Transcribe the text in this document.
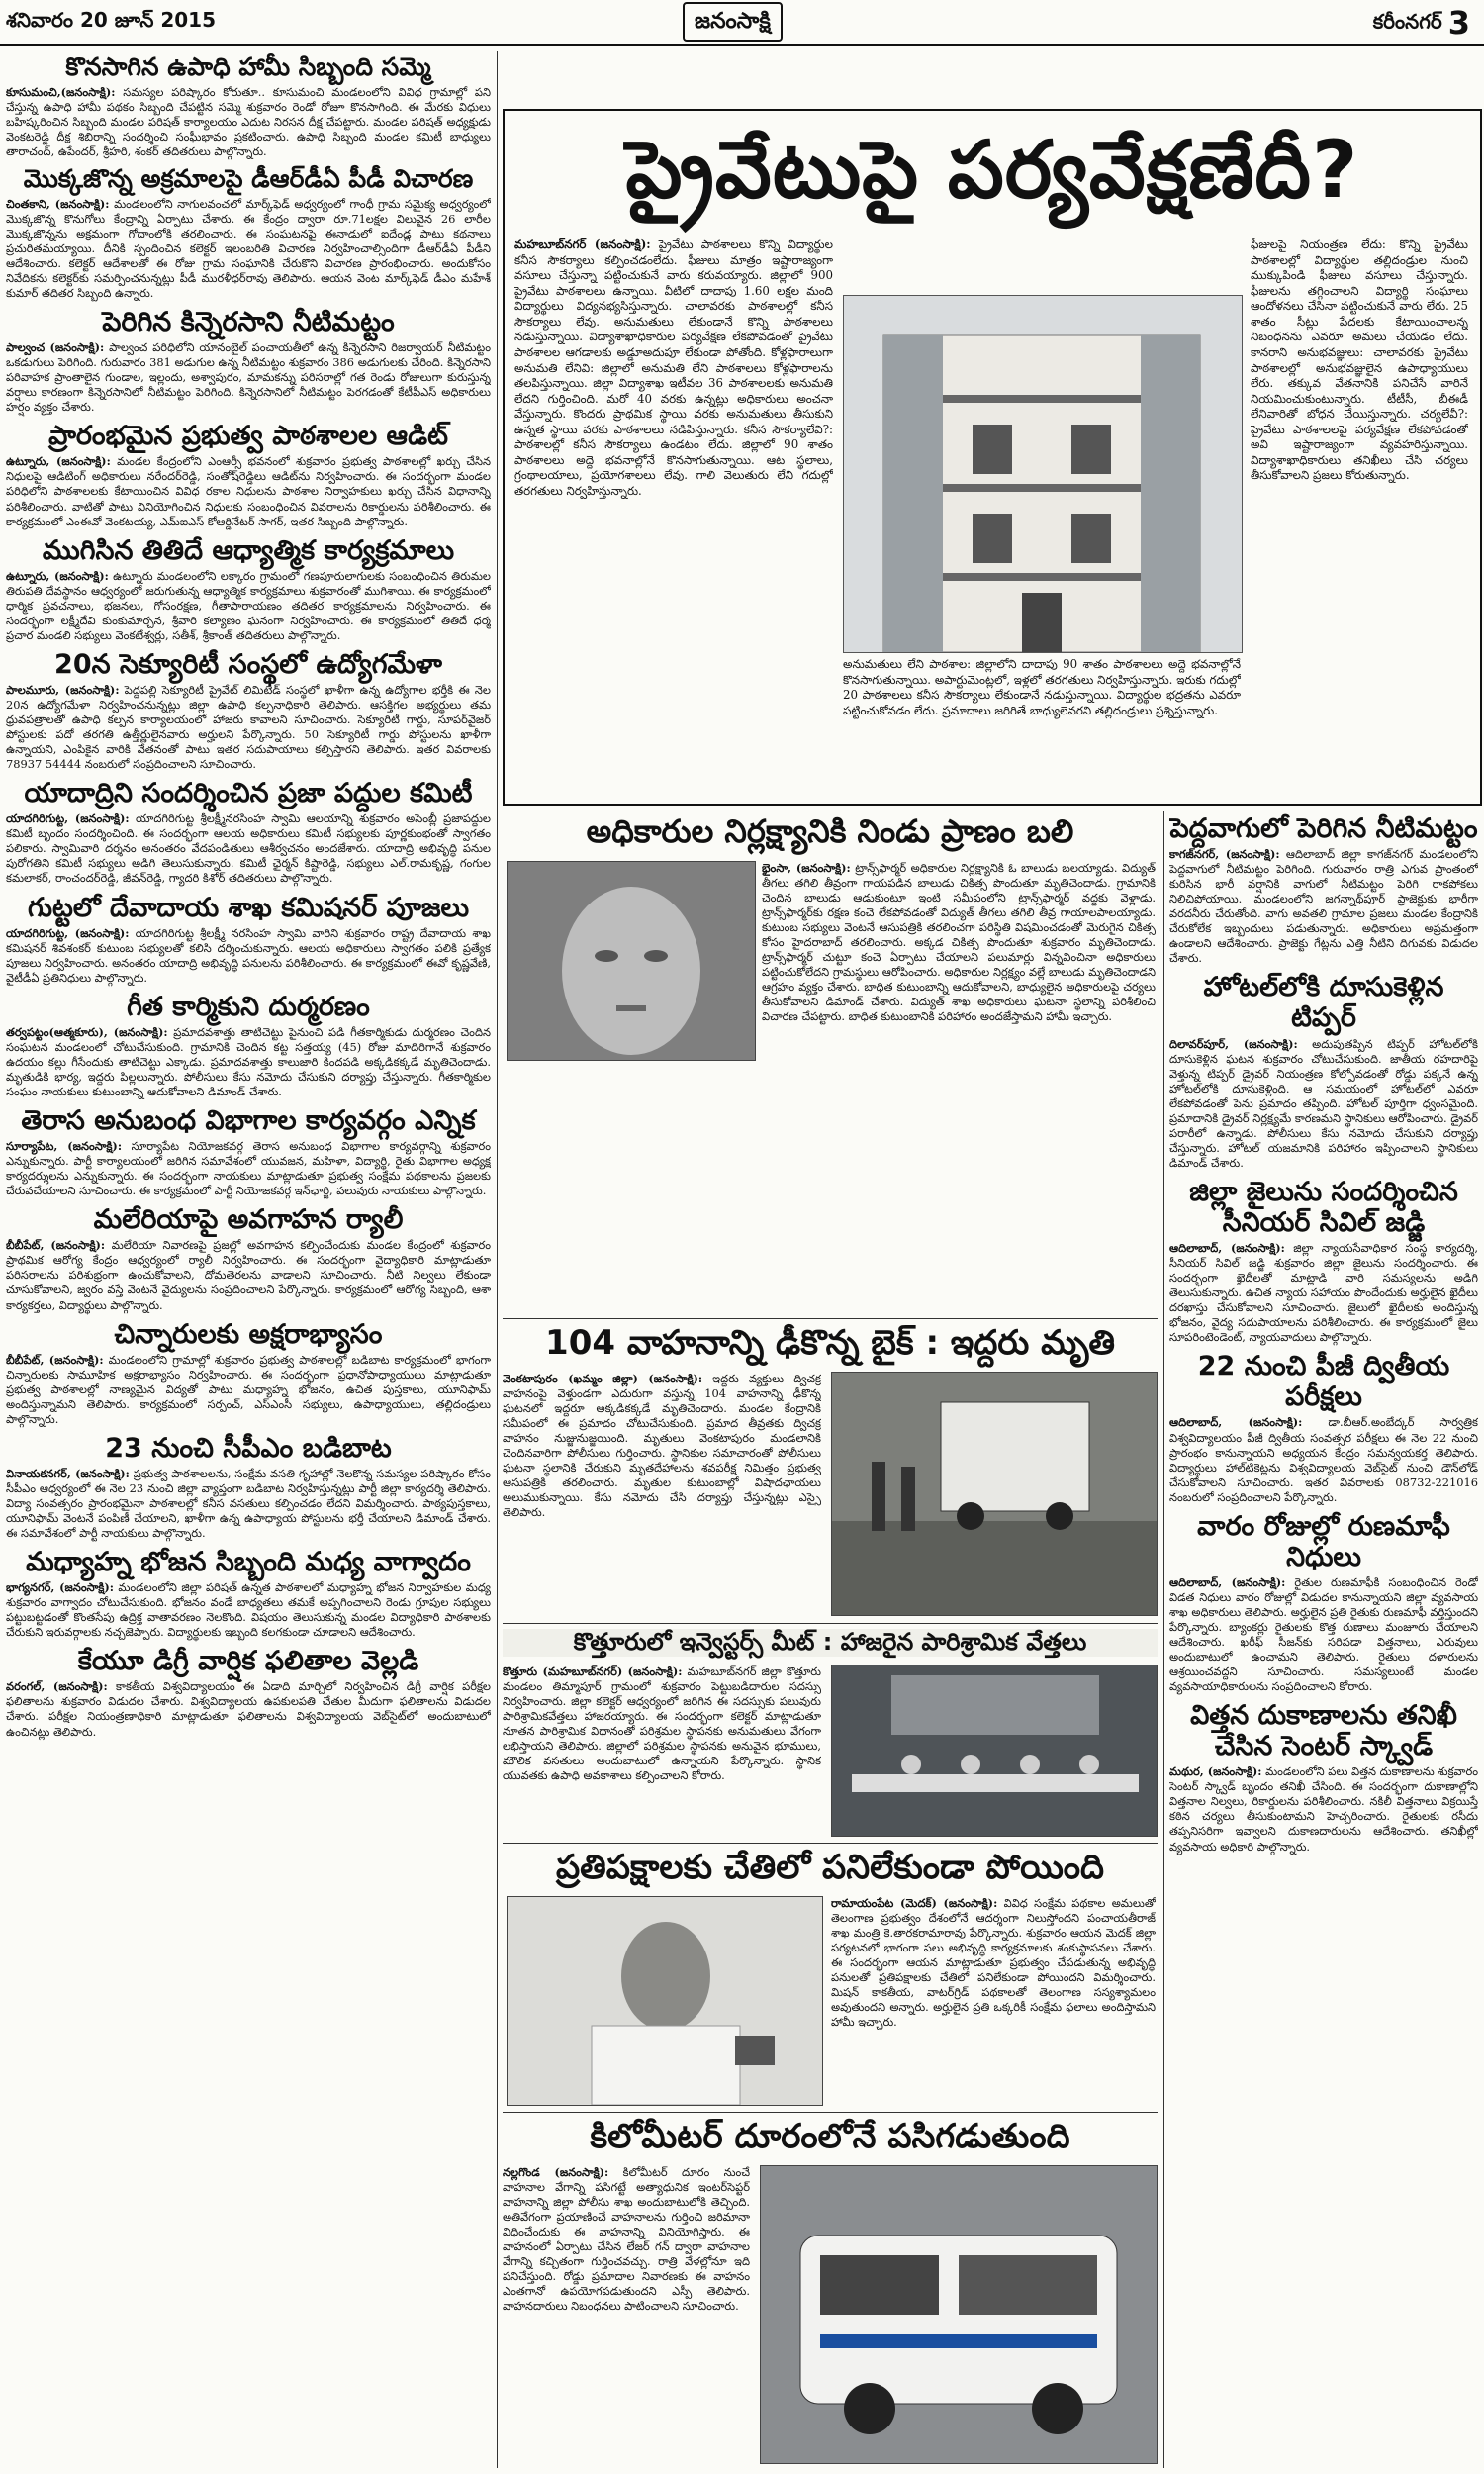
శనివారం 20 జూన్ 2015	జనంసాక్షి	కరీంనగర్ 3
కొనసాగిన ఉపాధి హామీ సిబ్బంది సమ్మె

కూసుమంచి,(జనంసాక్షి): సమస్యల పరిష్కారం కోరుతూ.. కూసుమంచి మండలంలోని వివిధ గ్రామాల్లో పని చేస్తున్న ఉపాధి హామీ పథకం సిబ్బంది చేపట్టిన సమ్మె శుక్రవారం రెండో రోజూ కొనసాగింది. ఈ మేరకు విధులు బహిష్కరించిన సిబ్బంది మండల పరిషత్ కార్యాలయం ఎదుట నిరసన దీక్ష చేపట్టారు. మండల పరిషత్ అధ్యక్షుడు వెంకటరెడ్డి దీక్ష శిబిరాన్ని సందర్శించి సంఘీభావం ప్రకటించారు. ఉపాధి సిబ్బంది మండల కమిటీ బాధ్యులు తారాచంద్, ఉపేందర్, శ్రీహరి, శంకర్ తదితరులు పాల్గొన్నారు.

మొక్కజొన్న అక్రమాలపై డీఆర్‌డీఏ పీడీ విచారణ

చింతకాని, (జనంసాక్షి): మండలంలోని నాగులవంచలో మార్క్‌ఫెడ్ అధ్వర్యంలో గాంధీ గ్రామ సమైక్య అధ్వర్యంలో మొక్కజొన్న కొనుగోలు కేంద్రాన్ని ఏర్పాటు చేశారు. ఈ కేంద్రం ద్వారా రూ.71లక్షల విలువైన 26 లారీల మొక్కజొన్నను అక్రమంగా గోదాంలోకి తరలించారు. ఈ సంఘటనపై ఈనాడులో ఐదేండ్ల పాటు కథనాలు ప్రచురితమయ్యాయి. దీనికి స్పందించిన కలెక్టర్ ఇలంబరితి విచారణ నిర్వహించాల్సిందిగా డీఆర్‌డీఏ పీడీని ఆదేశించారు. కలెక్టర్ ఆదేశాలతో ఈ రోజు గ్రామ సంఘానికి చేరుకొని విచారణ ప్రారంభించారు. అందుకోసం నివేదికను కలెక్టర్‌కు సమర్పించనున్నట్లు పీడీ మురళీధర్‌రావు తెలిపారు. ఆయన వెంట మార్క్‌ఫెడ్ డీఎం మహేశ్ కుమార్ తదితర సిబ్బంది ఉన్నారు.

పెరిగిన కిన్నెరసాని నీటిమట్టం

పాల్వంచ (జనంసాక్షి): పాల్వంచ పరిధిలోని యానంబైల్ పంచాయతీలో ఉన్న కిన్నెరసాని రిజర్వాయర్ నీటిమట్టం ఒకడుగులు పెరిగింది. గురువారం 381 అడుగుల ఉన్న నీటిమట్టం శుక్రవారం 386 అడుగులకు చేరింది. కిన్నెరసాని పరివాహక ప్రాంతాలైన గుండాల, ఇల్లందు, అశ్వాపురం, మామకన్ను పరిసరాల్లో గత రెండు రోజులుగా కురుస్తున్న వర్షాలు కారణంగా కిన్నెరసానిలో నీటిమట్టం పెరిగింది. కిన్నెరసానిలో నీటిమట్టం పెరగడంతో కేటీపీఎస్ అధికారులు హర్షం వ్యక్తం చేశారు.

ప్రారంభమైన ప్రభుత్వ పాఠశాలల ఆడిట్

ఉట్నూరు, (జనంసాక్షి): మండల కేంద్రంలోని ఎంఆర్సీ భవనంలో శుక్రవారం ప్రభుత్వ పాఠశాలల్లో ఖర్చు చేసిన నిధులపై ఆడిటింగ్ అధికారులు నరేందర్‌రెడ్డి, సంతోష్‌రెడ్డిలు ఆడిట్‌ను నిర్వహించారు. ఈ సందర్భంగా మండల పరిధిలోని పాఠశాలలకు కేటాయించిన వివిధ రకాల నిధులను పాఠశాల నిర్వాహకులు ఖర్చు చేసిన విధానాన్ని పరిశీలించారు. వాటితో పాటు వినియోగించిన నిధులకు సంబంధించిన వివరాలను రికార్డులను పరిశీలించారు. ఈ కార్యక్రమంలో ఎంఈవో వెంకటయ్య, ఎమ్‌ఐఎస్ కోఆర్డినేటర్ సాగర్, ఇతర సిబ్బంది పాల్గొన్నారు.

ముగిసిన తితిదే ఆధ్యాత్మిక కార్యక్రమాలు

ఉట్నూరు, (జనంసాక్షి): ఉట్నూరు మండలంలోని లక్కారం గ్రామంలో గణపూరులాగులకు సంబంధించిన తిరుమల తిరుపతి దేవస్థానం ఆధ్వర్యంలో జరుగుతున్న ఆధ్యాత్మిక కార్యక్రమాలు శుక్రవారంతో ముగిశాయి. ఈ కార్యక్రమంలో ధార్మిక ప్రవచనాలు, భజనలు, గోసంరక్షణ, గీతాపారాయణం తదితర కార్యక్రమాలను నిర్వహించారు. ఈ సందర్భంగా లక్ష్మీదేవి కుంకుమార్చన, శ్రీవారి కల్యాణం ఘనంగా నిర్వహించారు. ఈ కార్యక్రమంలో తితిదే ధర్మ ప్రచార మండలి సభ్యులు వెంకటేశ్వర్లు, సతీశ్, శ్రీకాంత్ తదితరులు పాల్గొన్నారు.

20న సెక్యూరిటీ సంస్థలో ఉద్యోగమేళా

పాలమూరు, (జనంసాక్షి): పెద్దపల్లి సెక్యూరిటీ ప్రైవేట్ లిమిటెడ్ సంస్థలో ఖాళీగా ఉన్న ఉద్యోగాల భర్తీకి ఈ నెల 20న ఉద్యోగమేళా నిర్వహించనున్నట్లు జిల్లా ఉపాధి కల్పనాధికారి తెలిపారు. ఆసక్తిగల అభ్యర్థులు తమ ధ్రువపత్రాలతో ఉపాధి కల్పన కార్యాలయంలో హాజరు కావాలని సూచించారు. సెక్యూరిటీ గార్డు, సూపర్‌వైజర్ పోస్టులకు పదో తరగతి ఉత్తీర్ణులైనవారు అర్హులని పేర్కొన్నారు. 50 సెక్యూరిటీ గార్డు పోస్టులను ఖాళీగా ఉన్నాయని, ఎంపికైన వారికి వేతనంతో పాటు ఇతర సదుపాయాలు కల్పిస్తారని తెలిపారు. ఇతర వివరాలకు 78937 54444 నంబరులో సంప్రదించాలని సూచించారు.

యాదాద్రిని సందర్శించిన ప్రజా పద్దుల కమిటీ

యాదగిరిగుట్ట, (జనంసాక్షి): యాదగిరిగుట్ట శ్రీలక్ష్మీనరసింహ స్వామి ఆలయాన్ని శుక్రవారం అసెంబ్లీ ప్రజాపద్దుల కమిటీ బృందం సందర్శించింది. ఈ సందర్భంగా ఆలయ అధికారులు కమిటీ సభ్యులకు పూర్ణకుంభంతో స్వాగతం పలికారు. స్వామివారి దర్శనం అనంతరం వేదపండితులు ఆశీర్వచనం అందజేశారు. యాదాద్రి అభివృద్ధి పనుల పురోగతిని కమిటీ సభ్యులు అడిగి తెలుసుకున్నారు. కమిటీ ఛైర్మన్ కిష్టారెడ్డి, సభ్యులు ఎల్.రామకృష్ణ, గంగుల కమలాకర్, రాంచందర్‌రెడ్డి, జీవన్‌రెడ్డి, గ్యాదరి కిశోర్ తదితరులు పాల్గొన్నారు.

గుట్టలో దేవాదాయ శాఖ కమిషనర్ పూజలు

యాదగిరిగుట్ట, (జనంసాక్షి): యాదగిరిగుట్ట శ్రీలక్ష్మీ నరసింహ స్వామి వారిని శుక్రవారం రాష్ట్ర దేవాదాయ శాఖ కమిషనర్ శివశంకర్ కుటుంబ సభ్యులతో కలిసి దర్శించుకున్నారు. ఆలయ అధికారులు స్వాగతం పలికి ప్రత్యేక పూజలు నిర్వహించారు. అనంతరం యాదాద్రి అభివృద్ధి పనులను పరిశీలించారు. ఈ కార్యక్రమంలో ఈవో కృష్ణవేణి, వైటీడీఏ ప్రతినిధులు పాల్గొన్నారు.

గీత కార్మికుని దుర్మరణం

తర్వపట్టం(ఆత్మకూరు), (జనంసాక్షి): ప్రమాదవశాత్తు తాటిచెట్టు పైనుంచి పడి గీతకార్మికుడు దుర్మరణం చెందిన సంఘటన మండలంలో చోటుచేసుకుంది. గ్రామానికి చెందిన కట్ట సత్తయ్య (45) రోజు మాదిరిగానే శుక్రవారం ఉదయం కల్లు గీసేందుకు తాటిచెట్టు ఎక్కాడు. ప్రమాదవశాత్తు కాలుజారి కిందపడి అక్కడికక్కడే మృతిచెందాడు. మృతుడికి భార్య, ఇద్దరు పిల్లలున్నారు. పోలీసులు కేసు నమోదు చేసుకుని దర్యాప్తు చేస్తున్నారు. గీతకార్మికుల సంఘం నాయకులు కుటుంబాన్ని ఆదుకోవాలని డిమాండ్ చేశారు.

తెరాస అనుబంధ విభాగాల కార్యవర్గం ఎన్నిక

సూర్యాపేట, (జనంసాక్షి): సూర్యాపేట నియోజకవర్గ తెరాస అనుబంధ విభాగాల కార్యవర్గాన్ని శుక్రవారం ఎన్నుకున్నారు. పార్టీ కార్యాలయంలో జరిగిన సమావేశంలో యువజన, మహిళా, విద్యార్థి, రైతు విభాగాల అధ్యక్ష కార్యదర్శులను ఎన్నుకున్నారు. ఈ సందర్భంగా నాయకులు మాట్లాడుతూ ప్రభుత్వ సంక్షేమ పథకాలను ప్రజలకు చేరువచేయాలని సూచించారు. ఈ కార్యక్రమంలో పార్టీ నియోజకవర్గ ఇన్‌ఛార్జి, పలువురు నాయకులు పాల్గొన్నారు.

మలేరియాపై అవగాహన ర్యాలీ

బీబీపేట్, (జనంసాక్షి): మలేరియా నివారణపై ప్రజల్లో అవగాహన కల్పించేందుకు మండల కేంద్రంలో శుక్రవారం ప్రాథమిక ఆరోగ్య కేంద్రం ఆధ్వర్యంలో ర్యాలీ నిర్వహించారు. ఈ సందర్భంగా వైద్యాధికారి మాట్లాడుతూ పరిసరాలను పరిశుభ్రంగా ఉంచుకోవాలని, దోమతెరలను వాడాలని సూచించారు. నీటి నిల్వలు లేకుండా చూసుకోవాలని, జ్వరం వస్తే వెంటనే వైద్యులను సంప్రదించాలని పేర్కొన్నారు. కార్యక్రమంలో ఆరోగ్య సిబ్బంది, ఆశా కార్యకర్తలు, విద్యార్థులు పాల్గొన్నారు.

చిన్నారులకు అక్షరాభ్యాసం

బీబీపేట్, (జనంసాక్షి): మండలంలోని గ్రామాల్లో శుక్రవారం ప్రభుత్వ పాఠశాలల్లో బడిబాట కార్యక్రమంలో భాగంగా చిన్నారులకు సామూహిక అక్షరాభ్యాసం నిర్వహించారు. ఈ సందర్భంగా ప్రధానోపాధ్యాయులు మాట్లాడుతూ ప్రభుత్వ పాఠశాలల్లో నాణ్యమైన విద్యతో పాటు మధ్యాహ్న భోజనం, ఉచిత పుస్తకాలు, యూనిఫామ్ అందిస్తున్నామని తెలిపారు. కార్యక్రమంలో సర్పంచ్, ఎస్ఎంసీ సభ్యులు, ఉపాధ్యాయులు, తల్లిదండ్రులు పాల్గొన్నారు.

23 నుంచి సీపీఎం బడిబాట

వినాయకనగర్, (జనంసాక్షి): ప్రభుత్వ పాఠశాలలను, సంక్షేమ వసతి గృహాల్లో నెలకొన్న సమస్యల పరిష్కారం కోసం సీపీఎం ఆధ్వర్యంలో ఈ నెల 23 నుంచి జిల్లా వ్యాప్తంగా బడిబాట నిర్వహిస్తున్నట్లు పార్టీ జిల్లా కార్యదర్శి తెలిపారు. విద్యా సంవత్సరం ప్రారంభమైనా పాఠశాలల్లో కనీస వసతులు కల్పించడం లేదని విమర్శించారు. పాఠ్యపుస్తకాలు, యూనిఫామ్ వెంటనే పంపిణీ చేయాలని, ఖాళీగా ఉన్న ఉపాధ్యాయ పోస్టులను భర్తీ చేయాలని డిమాండ్ చేశారు. ఈ సమావేశంలో పార్టీ నాయకులు పాల్గొన్నారు.

మధ్యాహ్న భోజన సిబ్బంది మధ్య వాగ్వాదం

భాగ్యనగర్, (జనంసాక్షి): మండలంలోని జిల్లా పరిషత్ ఉన్నత పాఠశాలలో మధ్యాహ్న భోజన నిర్వాహకుల మధ్య శుక్రవారం వాగ్వాదం చోటుచేసుకుంది. భోజనం వండే బాధ్యతలు తమకే అప్పగించాలని రెండు గ్రూపుల సభ్యులు పట్టుబట్టడంతో కొంతసేపు ఉద్రిక్త వాతావరణం నెలకొంది. విషయం తెలుసుకున్న మండల విద్యాధికారి పాఠశాలకు చేరుకుని ఇరువర్గాలకు నచ్చజెప్పారు. విద్యార్థులకు ఇబ్బంది కలగకుండా చూడాలని ఆదేశించారు.

కేయూ డిగ్రీ వార్షిక ఫలితాల వెల్లడి

వరంగల్, (జనంసాక్షి): కాకతీయ విశ్వవిద్యాలయం ఈ ఏడాది మార్చిలో నిర్వహించిన డిగ్రీ వార్షిక పరీక్షల ఫలితాలను శుక్రవారం విడుదల చేశారు. విశ్వవిద్యాలయ ఉపకులపతి చేతుల మీదుగా ఫలితాలను విడుదల చేశారు. పరీక్షల నియంత్రణాధికారి మాట్లాడుతూ ఫలితాలను విశ్వవిద్యాలయ వెబ్‌సైట్‌లో అందుబాటులో ఉంచినట్లు తెలిపారు.

ప్రైవేటుపై పర్యవేక్షణేదీ?

మహబూబ్‌నగర్ (జనంసాక్షి): ప్రైవేటు పాఠశాలలు కొన్ని విద్యార్థుల కనీస సౌకర్యాలు కల్పించడంలేదు. ఫీజులు మాత్రం ఇష్టారాజ్యంగా వసూలు చేస్తున్నా పట్టించుకునే వారు కరువయ్యారు. జిల్లాలో 900 ప్రైవేటు పాఠశాలలు ఉన్నాయి. వీటిలో దాదాపు 1.60 లక్షల మంది విద్యార్థులు విద్యనభ్యసిస్తున్నారు. చాలావరకు పాఠశాలల్లో కనీస సౌకర్యాలు లేవు. అనుమతులు లేకుండానే కొన్ని పాఠశాలలు నడుస్తున్నాయి. విద్యాశాఖాధికారుల పర్యవేక్షణ లేకపోవడంతో ప్రైవేటు పాఠశాలల ఆగడాలకు అడ్డూఅదుపూ లేకుండా పోతోంది. కోళ్లఫారాలుగా అనుమతి లేనివి: జిల్లాలో అనుమతి లేని పాఠశాలలు కోళ్లఫారాలను తలపిస్తున్నాయి. జిల్లా విద్యాశాఖ ఇటీవల 36 పాఠశాలలకు అనుమతి లేదని గుర్తించింది. మరో 40 వరకు ఉన్నట్లు అధికారులు అంచనా వేస్తున్నారు. కొందరు ప్రాథమిక స్థాయి వరకు అనుమతులు తీసుకుని ఉన్నత స్థాయి వరకు పాఠశాలలు నడిపిస్తున్నారు. కనీస సౌకర్యాలేవి?: పాఠశాలల్లో కనీస సౌకర్యాలు ఉండటం లేదు. జిల్లాలో 90 శాతం పాఠశాలలు అద్దె భవనాల్లోనే కొనసాగుతున్నాయి. ఆట స్థలాలు, గ్రంథాలయాలు, ప్రయోగశాలలు లేవు. గాలి వెలుతురు లేని గదుల్లో తరగతులు నిర్వహిస్తున్నారు.

అనుమతులు లేని పాఠశాల: జిల్లాలోని దాదాపు 90 శాతం పాఠశాలలు అద్దె భవనాల్లోనే కొనసాగుతున్నాయి. అపార్టుమెంట్లలో, ఇళ్లలో తరగతులు నిర్వహిస్తున్నారు. ఇరుకు గదుల్లో 20 పాఠశాలలు కనీస సౌకర్యాలు లేకుండానే నడుస్తున్నాయి. విద్యార్థుల భద్రతను ఎవరూ పట్టించుకోవడం లేదు. ప్రమాదాలు జరిగితే బాధ్యులెవరని తల్లిదండ్రులు ప్రశ్నిస్తున్నారు.

ఫీజులపై నియంత్రణ లేదు: కొన్ని ప్రైవేటు పాఠశాలల్లో విద్యార్థుల తల్లిదండ్రుల నుంచి ముక్కుపిండి ఫీజులు వసూలు చేస్తున్నారు. ఫీజులను తగ్గించాలని విద్యార్థి సంఘాలు ఆందోళనలు చేసినా పట్టించుకునే వారు లేరు. 25 శాతం సీట్లు పేదలకు కేటాయించాలన్న నిబంధనను ఎవరూ అమలు చేయడం లేదు. కానరాని అనుభవజ్ఞులు: చాలావరకు ప్రైవేటు పాఠశాలల్లో అనుభవజ్ఞులైన ఉపాధ్యాయులు లేరు. తక్కువ వేతనానికి పనిచేసే వారినే నియమించుకుంటున్నారు. టీటీసీ, బీఈడీ లేనివారితో బోధన చేయిస్తున్నారు. చర్యలేవీ?: ప్రైవేటు పాఠశాలలపై పర్యవేక్షణ లేకపోవడంతో అవి ఇష్టారాజ్యంగా వ్యవహరిస్తున్నాయి. విద్యాశాఖాధికారులు తనిఖీలు చేసి చర్యలు తీసుకోవాలని ప్రజలు కోరుతున్నారు.

అధికారుల నిర్లక్ష్యానికి నిండు ప్రాణం బలి

భైంసా, (జనంసాక్షి): ట్రాన్స్‌ఫార్మర్ అధికారుల నిర్లక్ష్యానికి ఓ బాలుడు బలయ్యాడు. విద్యుత్ తీగలు తగిలి తీవ్రంగా గాయపడిన బాలుడు చికిత్స పొందుతూ మృతిచెందాడు. గ్రామానికి చెందిన బాలుడు ఆడుకుంటూ ఇంటి సమీపంలోని ట్రాన్స్‌ఫార్మర్ వద్దకు వెళ్లాడు. ట్రాన్స్‌ఫార్మర్‌కు రక్షణ కంచె లేకపోవడంతో విద్యుత్ తీగలు తగిలి తీవ్ర గాయాలపాలయ్యాడు. కుటుంబ సభ్యులు వెంటనే ఆసుపత్రికి తరలించగా పరిస్థితి విషమించడంతో మెరుగైన చికిత్స కోసం హైదరాబాద్ తరలించారు. అక్కడ చికిత్స పొందుతూ శుక్రవారం మృతిచెందాడు. ట్రాన్స్‌ఫార్మర్ చుట్టూ కంచె ఏర్పాటు చేయాలని పలుమార్లు విన్నవించినా అధికారులు పట్టించుకోలేదని గ్రామస్థులు ఆరోపించారు. అధికారుల నిర్లక్ష్యం వల్లే బాలుడు మృతిచెందాడని ఆగ్రహం వ్యక్తం చేశారు. బాధిత కుటుంబాన్ని ఆదుకోవాలని, బాధ్యులైన అధికారులపై చర్యలు తీసుకోవాలని డిమాండ్ చేశారు. విద్యుత్ శాఖ అధికారులు ఘటనా స్థలాన్ని పరిశీలించి విచారణ చేపట్టారు. బాధిత కుటుంబానికి పరిహారం అందజేస్తామని హామీ ఇచ్చారు.

104 వాహనాన్ని ఢీకొన్న బైక్ : ఇద్దరు మృతి

వెంకటాపురం (ఖమ్మం జిల్లా) (జనంసాక్షి): ఇద్దరు వ్యక్తులు ద్విచక్ర వాహనంపై వెళ్తుండగా ఎదురుగా వస్తున్న 104 వాహనాన్ని ఢీకొన్న ఘటనలో ఇద్దరూ అక్కడికక్కడే మృతిచెందారు. మండల కేంద్రానికి సమీపంలో ఈ ప్రమాదం చోటుచేసుకుంది. ప్రమాద తీవ్రతకు ద్విచక్ర వాహనం నుజ్జునుజ్జయింది. మృతులు వెంకటాపురం మండలానికి చెందినవారిగా పోలీసులు గుర్తించారు. స్థానికుల సమాచారంతో పోలీసులు ఘటనా స్థలానికి చేరుకుని మృతదేహాలను శవపరీక్ష నిమిత్తం ప్రభుత్వ ఆసుపత్రికి తరలించారు. మృతుల కుటుంబాల్లో విషాదఛాయలు అలుముకున్నాయి. కేసు నమోదు చేసి దర్యాప్తు చేస్తున్నట్లు ఎస్సై తెలిపారు.

కొత్తూరులో ఇన్వెస్టర్స్ మీట్ : హాజరైన పారిశ్రామిక వేత్తలు

కొత్తూరు (మహబూబ్‌నగర్) (జనంసాక్షి): మహబూబ్‌నగర్ జిల్లా కొత్తూరు మండలం తిమ్మాపూర్ గ్రామంలో శుక్రవారం పెట్టుబడిదారుల సదస్సు నిర్వహించారు. జిల్లా కలెక్టర్ ఆధ్వర్యంలో జరిగిన ఈ సదస్సుకు పలువురు పారిశ్రామికవేత్తలు హాజరయ్యారు. ఈ సందర్భంగా కలెక్టర్ మాట్లాడుతూ నూతన పారిశ్రామిక విధానంతో పరిశ్రమల స్థాపనకు అనుమతులు వేగంగా లభిస్తాయని తెలిపారు. జిల్లాలో పరిశ్రమల స్థాపనకు అనువైన భూములు, మౌలిక వసతులు అందుబాటులో ఉన్నాయని పేర్కొన్నారు. స్థానిక యువతకు ఉపాధి అవకాశాలు కల్పించాలని కోరారు.

ప్రతిపక్షాలకు చేతిలో పనిలేకుండా పోయింది

రామాయంపేట (మెదక్) (జనంసాక్షి): వివిధ సంక్షేమ పథకాల అమలుతో తెలంగాణ ప్రభుత్వం దేశంలోనే ఆదర్శంగా నిలుస్తోందని పంచాయతీరాజ్ శాఖ మంత్రి కె.తారకరామారావు పేర్కొన్నారు. శుక్రవారం ఆయన మెదక్ జిల్లా పర్యటనలో భాగంగా పలు అభివృద్ధి కార్యక్రమాలకు శంకుస్థాపనలు చేశారు. ఈ సందర్భంగా ఆయన మాట్లాడుతూ ప్రభుత్వం చేపడుతున్న అభివృద్ధి పనులతో ప్రతిపక్షాలకు చేతిలో పనిలేకుండా పోయిందని విమర్శించారు. మిషన్ కాకతీయ, వాటర్‌గ్రిడ్ పథకాలతో తెలంగాణ సస్యశ్యామలం అవుతుందని అన్నారు. అర్హులైన ప్రతి ఒక్కరికీ సంక్షేమ ఫలాలు అందిస్తామని హామీ ఇచ్చారు.

కిలోమీటర్ దూరంలోనే పసిగడుతుంది

నల్లగొండ (జనంసాక్షి): కిలోమీటర్ దూరం నుంచే వాహనాల వేగాన్ని పసిగట్టే అత్యాధునిక ఇంటర్‌సెప్టర్ వాహనాన్ని జిల్లా పోలీసు శాఖ అందుబాటులోకి తెచ్చింది. అతివేగంగా ప్రయాణించే వాహనాలను గుర్తించి జరిమానా విధించేందుకు ఈ వాహనాన్ని వినియోగిస్తారు. ఈ వాహనంలో ఏర్పాటు చేసిన లేజర్ గన్ ద్వారా వాహనాల వేగాన్ని కచ్చితంగా గుర్తించవచ్చు. రాత్రి వేళల్లోనూ ఇది పనిచేస్తుంది. రోడ్డు ప్రమాదాల నివారణకు ఈ వాహనం ఎంతగానో ఉపయోగపడుతుందని ఎస్పీ తెలిపారు. వాహనదారులు నిబంధనలు పాటించాలని సూచించారు.

పెద్దవాగులో పెరిగిన నీటిమట్టం

కాగజ్‌నగర్, (జనంసాక్షి): ఆదిలాబాద్ జిల్లా కాగజ్‌నగర్ మండలంలోని పెద్దవాగులో నీటిమట్టం పెరిగింది. గురువారం రాత్రి ఎగువ ప్రాంతంలో కురిసిన భారీ వర్షానికి వాగులో నీటిమట్టం పెరిగి రాకపోకలు నిలిచిపోయాయి. మండలంలోని జగన్నాథ్‌పూర్ ప్రాజెక్టుకు భారీగా వరదనీరు చేరుతోంది. వాగు అవతలి గ్రామాల ప్రజలు మండల కేంద్రానికి చేరుకోలేక ఇబ్బందులు పడుతున్నారు. అధికారులు అప్రమత్తంగా ఉండాలని ఆదేశించారు. ప్రాజెక్టు గేట్లను ఎత్తి నీటిని దిగువకు విడుదల చేశారు.

హోటల్‌లోకి దూసుకెళ్లిన టిప్పర్

దిలావర్‌పూర్, (జనంసాక్షి): అదుపుతప్పిన టిప్పర్ హోటల్‌లోకి దూసుకెళ్లిన ఘటన శుక్రవారం చోటుచేసుకుంది. జాతీయ రహదారిపై వెళ్తున్న టిప్పర్ డ్రైవర్ నియంత్రణ కోల్పోవడంతో రోడ్డు పక్కనే ఉన్న హోటల్‌లోకి దూసుకెళ్లింది. ఆ సమయంలో హోటల్‌లో ఎవరూ లేకపోవడంతో పెను ప్రమాదం తప్పింది. హోటల్ పూర్తిగా ధ్వంసమైంది. ప్రమాదానికి డ్రైవర్ నిర్లక్ష్యమే కారణమని స్థానికులు ఆరోపించారు. డ్రైవర్ పరారీలో ఉన్నాడు. పోలీసులు కేసు నమోదు చేసుకుని దర్యాప్తు చేస్తున్నారు. హోటల్ యజమానికి పరిహారం ఇప్పించాలని స్థానికులు డిమాండ్ చేశారు.

జిల్లా జైలును సందర్శించిన సీనియర్ సివిల్ జడ్జి

ఆదిలాబాద్, (జనంసాక్షి): జిల్లా న్యాయసేవాధికార సంస్థ కార్యదర్శి, సీనియర్ సివిల్ జడ్జి శుక్రవారం జిల్లా జైలును సందర్శించారు. ఈ సందర్భంగా ఖైదీలతో మాట్లాడి వారి సమస్యలను అడిగి తెలుసుకున్నారు. ఉచిత న్యాయ సహాయం పొందేందుకు అర్హులైన ఖైదీలు దరఖాస్తు చేసుకోవాలని సూచించారు. జైలులో ఖైదీలకు అందిస్తున్న భోజనం, వైద్య సదుపాయాలను పరిశీలించారు. ఈ కార్యక్రమంలో జైలు సూపరింటెండెంట్, న్యాయవాదులు పాల్గొన్నారు.

22 నుంచి పీజీ ద్వితీయ పరీక్షలు

ఆదిలాబాద్, (జనంసాక్షి): డా.బీఆర్.అంబేద్కర్ సార్వత్రిక విశ్వవిద్యాలయం పీజీ ద్వితీయ సంవత్సర పరీక్షలు ఈ నెల 22 నుంచి ప్రారంభం కానున్నాయని అధ్యయన కేంద్రం సమన్వయకర్త తెలిపారు. విద్యార్థులు హాల్‌టికెట్లను విశ్వవిద్యాలయ వెబ్‌సైట్ నుంచి డౌన్‌లోడ్ చేసుకోవాలని సూచించారు. ఇతర వివరాలకు 08732-221016 నంబరులో సంప్రదించాలని పేర్కొన్నారు.

వారం రోజుల్లో రుణమాఫీ నిధులు

ఆదిలాబాద్, (జనంసాక్షి): రైతుల రుణమాఫీకి సంబంధించిన రెండో విడత నిధులు వారం రోజుల్లో విడుదల కానున్నాయని జిల్లా వ్యవసాయ శాఖ అధికారులు తెలిపారు. అర్హులైన ప్రతి రైతుకు రుణమాఫీ వర్తిస్తుందని పేర్కొన్నారు. బ్యాంకర్లు రైతులకు కొత్త రుణాలు మంజూరు చేయాలని ఆదేశించారు. ఖరీఫ్ సీజన్‌కు సరిపడా విత్తనాలు, ఎరువులు అందుబాటులో ఉంచామని తెలిపారు. రైతులు దళారులను ఆశ్రయించవద్దని సూచించారు. సమస్యలుంటే మండల వ్యవసాయాధికారులను సంప్రదించాలని కోరారు.

విత్తన దుకాణాలను తనిఖీ చేసిన సెంటర్ స్క్వాడ్

మథుర, (జనంసాక్షి): మండలంలోని పలు విత్తన దుకాణాలను శుక్రవారం సెంటర్ స్క్వాడ్ బృందం తనిఖీ చేసింది. ఈ సందర్భంగా దుకాణాల్లోని విత్తనాల నిల్వలు, రికార్డులను పరిశీలించారు. నకిలీ విత్తనాలు విక్రయిస్తే కఠిన చర్యలు తీసుకుంటామని హెచ్చరించారు. రైతులకు రసీదు తప్పనిసరిగా ఇవ్వాలని దుకాణదారులను ఆదేశించారు. తనిఖీల్లో వ్యవసాయ అధికారి పాల్గొన్నారు.
